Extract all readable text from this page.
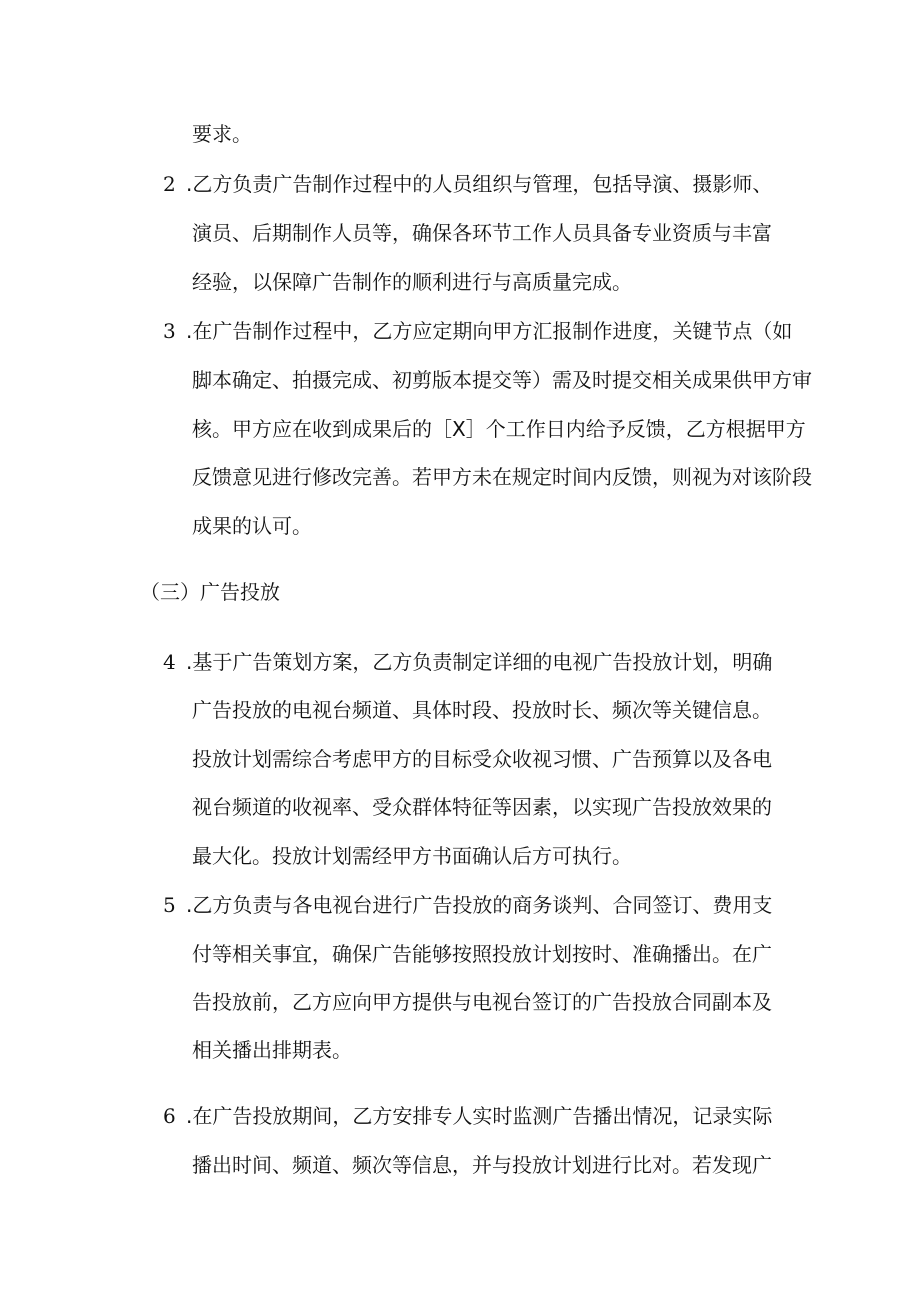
要求。
2 .乙方负责广告制作过程中的人员组织与管理，包括导演、摄影师、
演员、后期制作人员等，确保各环节工作人员具备专业资质与丰富
经验，以保障广告制作的顺利进行与高质量完成。
3 .在广告制作过程中，乙方应定期向甲方汇报制作进度，关键节点（如
脚本确定、拍摄完成、初剪版本提交等）需及时提交相关成果供甲方审
核。甲方应在收到成果后的［X］个工作日内给予反馈，乙方根据甲方
反馈意见进行修改完善。若甲方未在规定时间内反馈，则视为对该阶段
成果的认可。
（三）广告投放
4 .基于广告策划方案，乙方负责制定详细的电视广告投放计划，明确
广告投放的电视台频道、具体时段、投放时长、频次等关键信息。
投放计划需综合考虑甲方的目标受众收视习惯、广告预算以及各电
视台频道的收视率、受众群体特征等因素，以实现广告投放效果的
最大化。投放计划需经甲方书面确认后方可执行。
5 .乙方负责与各电视台进行广告投放的商务谈判、合同签订、费用支
付等相关事宜，确保广告能够按照投放计划按时、准确播出。在广
告投放前，乙方应向甲方提供与电视台签订的广告投放合同副本及
相关播出排期表。
6 .在广告投放期间，乙方安排专人实时监测广告播出情况，记录实际
播出时间、频道、频次等信息，并与投放计划进行比对。若发现广
